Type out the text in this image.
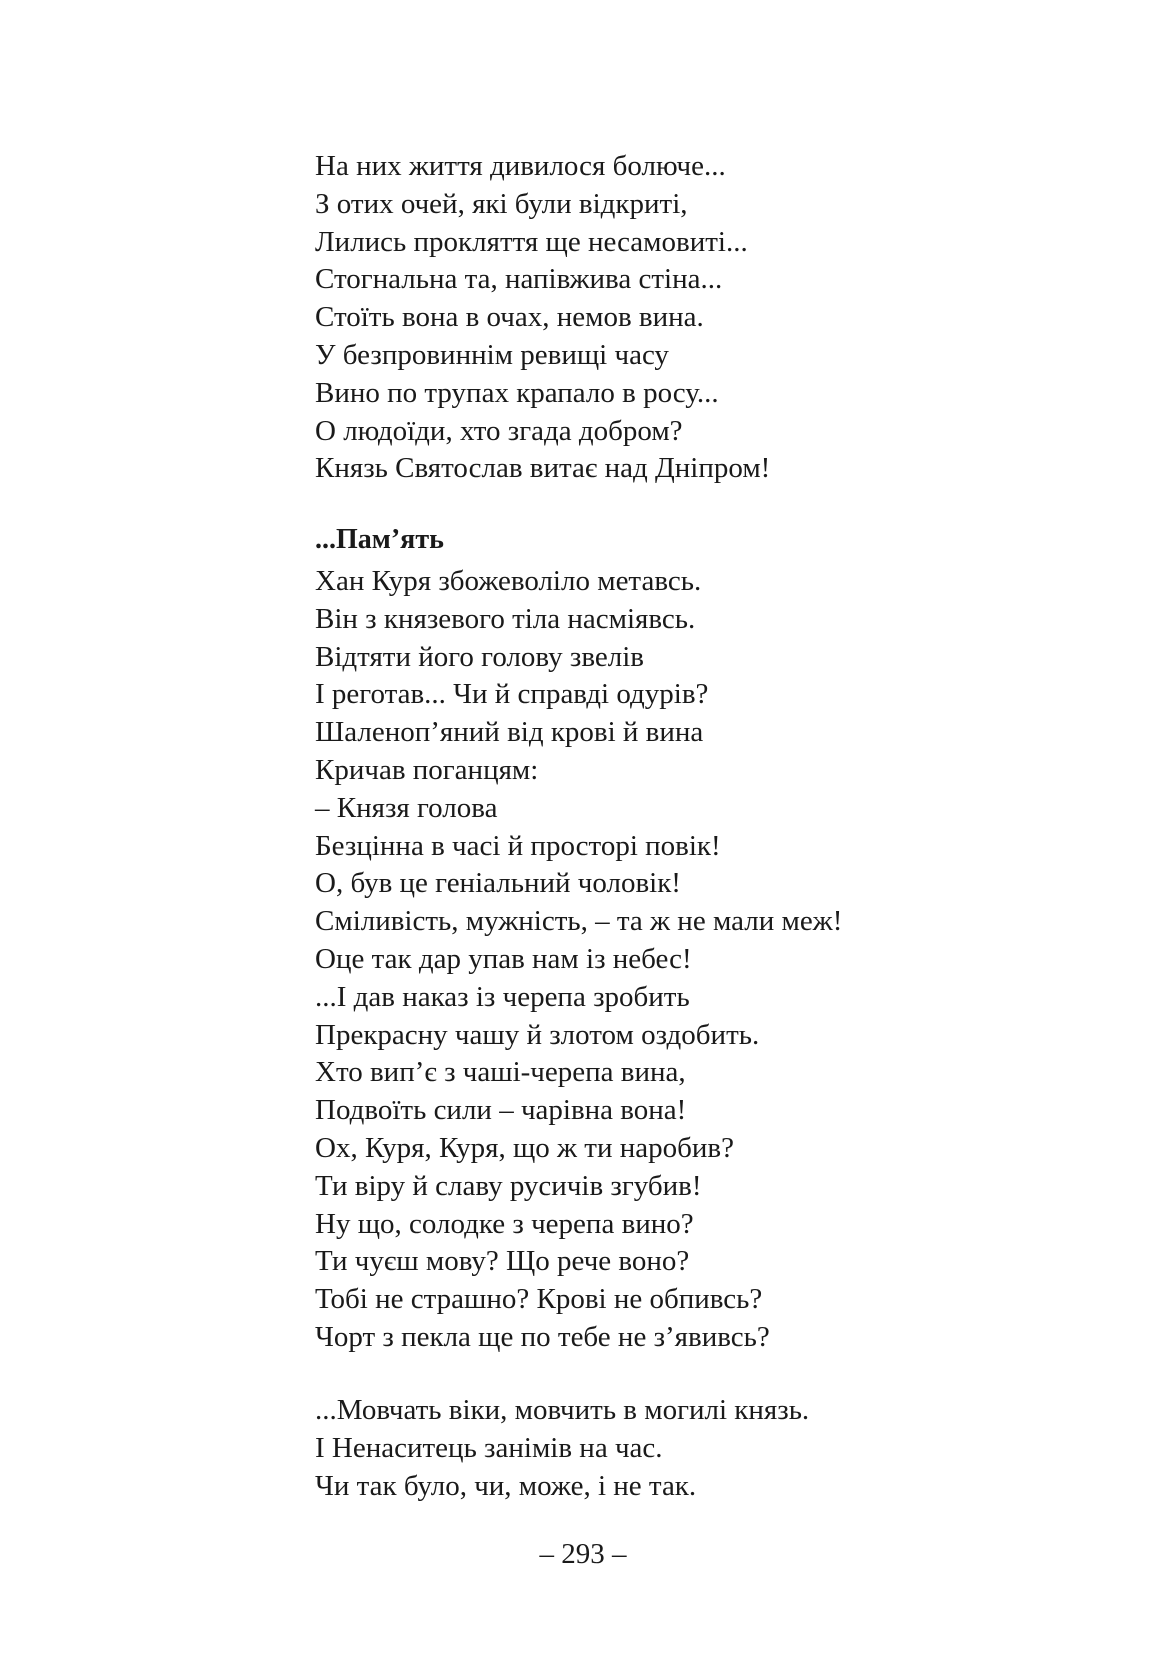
На них життя дивилося болюче...
З отих очей, які були відкриті,
Лились прокляття ще несамовиті...
Стогнальна та, напівжива стіна...
Стоїть вона в очах, немов вина.
У безпровиннім ревищі часу
Вино по трупах крапало в росу...
О людоїди, хто згада добром?
Князь Святослав витає над Дніпром!
...Пам’ять
Хан Куря збожеволіло метавсь.
Він з князевого тіла насміявсь.
Відтяти його голову звелів
І реготав... Чи й справді одурів?
Шаленоп’яний від крові й вина
Кричав поганцям:
– Князя голова
Безцінна в часі й просторі повік!
О, був це геніальний чоловік!
Сміливість, мужність, – та ж не мали меж!
Оце так дар упав нам із небес!
...І дав наказ із черепа зробить
Прекрасну чашу й злотом оздобить.
Хто вип’є з чаші-черепа вина,
Подвоїть сили – чарівна вона!
Ох, Куря, Куря, що ж ти наробив?
Ти віру й славу русичів згубив!
Ну що, солодке з черепа вино?
Ти чуєш мову? Що рече воно?
Тобі не страшно? Крові не обпивсь?
Чорт з пекла ще по тебе не з’явивсь?
...Мовчать віки, мовчить в могилі князь.
І Ненаситець занімів на час.
Чи так було, чи, може, і не так.
– 293 –
